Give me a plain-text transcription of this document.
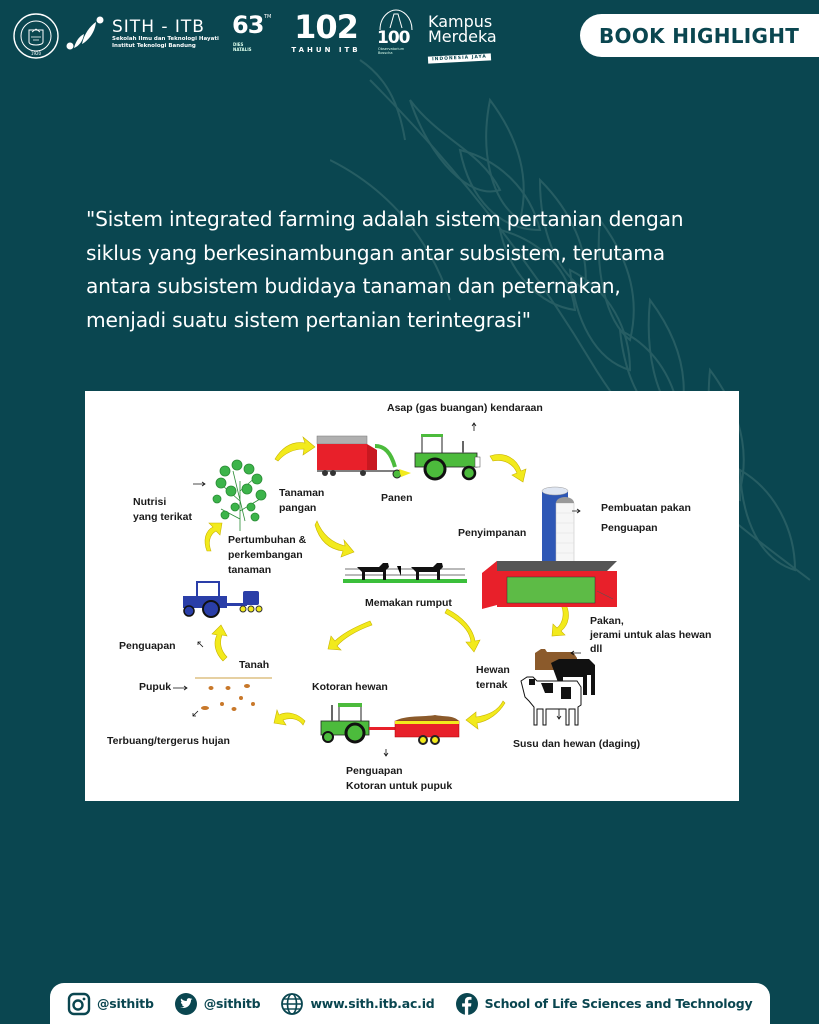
1920
SITH - ITB
Sekolah Ilmu dan Teknologi Hayati
Institut Teknologi Bandung
63 TM
DIES
NATALIS
102
TAHUN ITB
100
Observatorium
Bosscha
Kampus
Merdeka
INDONESIA JAYA
BOOK HIGHLIGHT
"Sistem integrated farming adalah sistem pertanian dengan
siklus yang berkesinambungan antar subsistem, terutama
antara subsistem budidaya tanaman dan peternakan,
menjadi suatu sistem pertanian terintegrasi"
Asap (gas buangan) kendaraan
Nutrisi
yang terikat
Tanaman
pangan
Panen
Pertumbuhan &
perkembangan
tanaman
Penyimpanan
Pembuatan pakan
Penguapan
Memakan rumput
Pakan,
jerami untuk alas hewan
dll
Penguapan
Tanah
Pupuk	Kotoran hewan
Hewan
ternak
Terbuang/tergerus hujan	Susu dan hewan (daging)
Penguapan
Kotoran untuk pupuk
@sithitb	@sithitb	www.sith.itb.ac.id	School of Life Sciences and Technology
